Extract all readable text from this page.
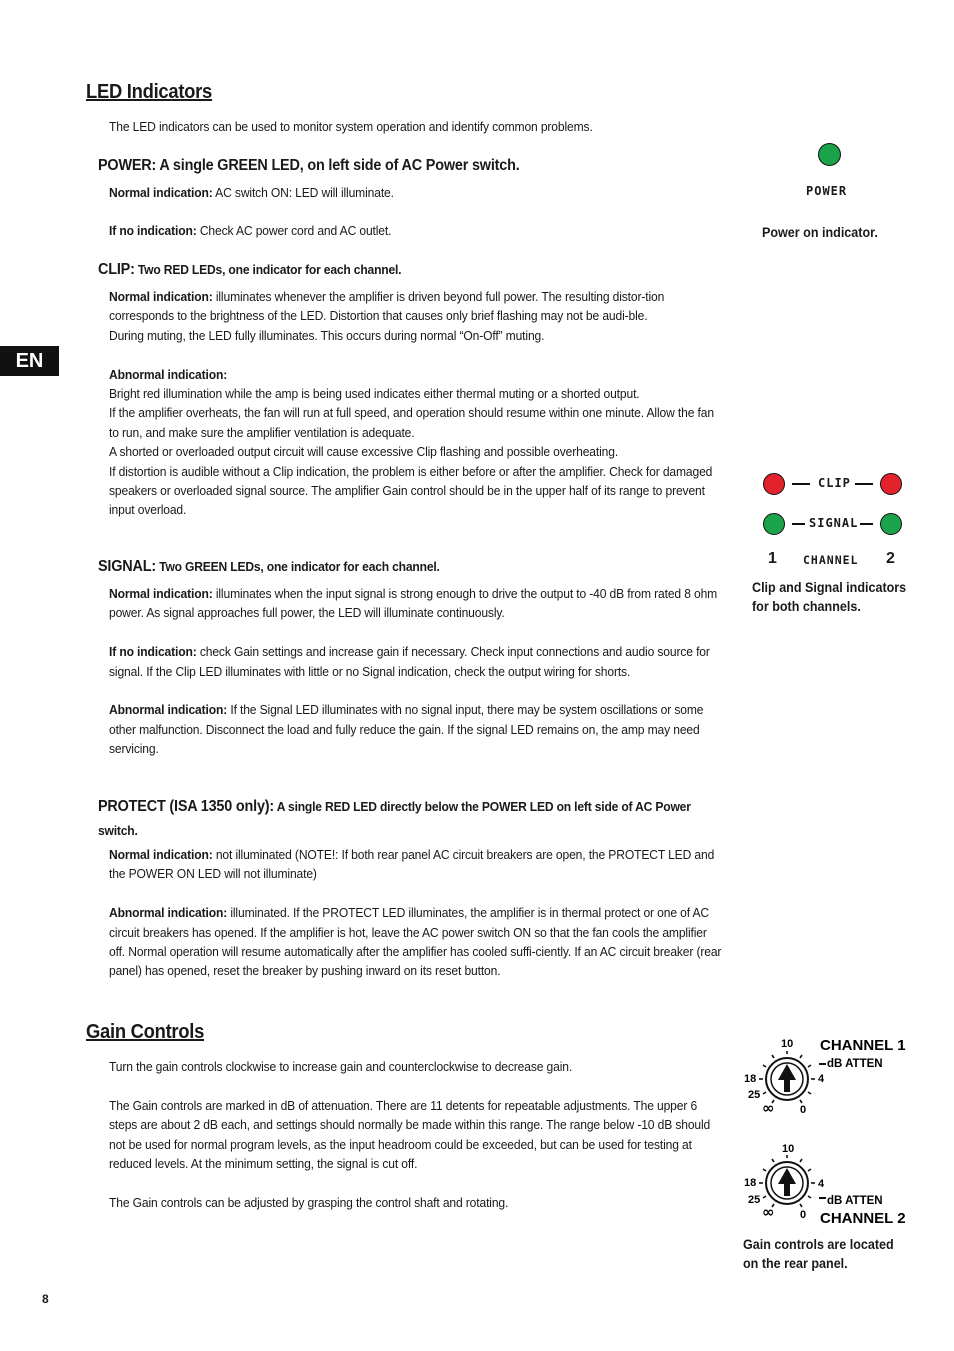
EN
LED Indicators
The LED indicators can be used to monitor system operation and identify common problems.
POWER: A single GREEN LED, on left side of AC Power switch.
Normal indication: AC switch ON: LED will illuminate.
If no indication: Check AC power cord and AC outlet.
CLIP: Two RED LEDs, one indicator for each channel.

Normal indication: illuminates whenever the amplifier is driven beyond full power. The resulting distor-tion corresponds to the brightness of the LED. Distortion that causes only brief flashing may not be audi-ble.

During muting, the LED fully illuminates. This occurs during normal “On-Off” muting.

Abnormal indication:

Bright red illumination while the amp is being used indicates either thermal muting or a shorted output.

If the amplifier overheats, the fan will run at full speed, and operation should resume within one minute. Allow the fan to run, and make sure the amplifier ventilation is adequate.

A shorted or overloaded output circuit will cause excessive Clip flashing and possible overheating.

If distortion is audible without a Clip indication, the problem is either before or after the amplifier. Check for damaged speakers or overloaded signal source. The amplifier Gain control should be in the upper half of its range to prevent input overload.

SIGNAL: Two GREEN LEDs, one indicator for each channel.

Normal indication: illuminates when the input signal is strong enough to drive the output to -40 dB from rated 8 ohm power. As signal approaches full power, the LED will illuminate continuously.

If no indication: check Gain settings and increase gain if necessary. Check input connections and audio source for signal. If the Clip LED illuminates with little or no Signal indication, check the output wiring for shorts.

Abnormal indication: If the Signal LED illuminates with no signal input, there may be system oscillations or some other malfunction. Disconnect the load and fully reduce the gain. If the signal LED remains on, the amp may need servicing.

PROTECT (ISA 1350 only): A single RED LED directly below the POWER LED on left side of AC Power switch.

Normal indication: not illuminated (NOTE!: If both rear panel AC circuit breakers are open, the PROTECT LED and the POWER ON LED will not illuminate)

Abnormal indication: illuminated. If the PROTECT LED illuminates, the amplifier is in thermal protect or one of AC circuit breakers has opened. If the amplifier is hot, leave the AC power switch ON so that the fan cools the amplifier off. Normal operation will resume automatically after the amplifier has cooled suffi-ciently. If an AC circuit breaker (rear panel) has opened, reset the breaker by pushing inward on its reset button.

Gain Controls

Turn the gain controls clockwise to increase gain and counterclockwise to decrease gain.

The Gain controls are marked in dB of attenuation. There are 11 detents for repeatable adjustments. The upper 6 steps are about 2 dB each, and settings should normally be made within this range. The range below -10 dB should not be used for normal program levels, as the input headroom could be exceeded, but can be used for testing at reduced levels. At the minimum setting, the signal is cut off.

The Gain controls can be adjusted by grasping the control shaft and rotating.

8
POWER
Power on indicator.
CLIP
SIGNAL
1 CHANNEL 2

Clip and Signal indicators

for both channels.

10
18
25
∞ 0
4
CHANNEL 1
dB ATTEN
10
18
25
∞ 0
4
dB ATTEN
CHANNEL 2

Gain controls are located

on the rear panel.
